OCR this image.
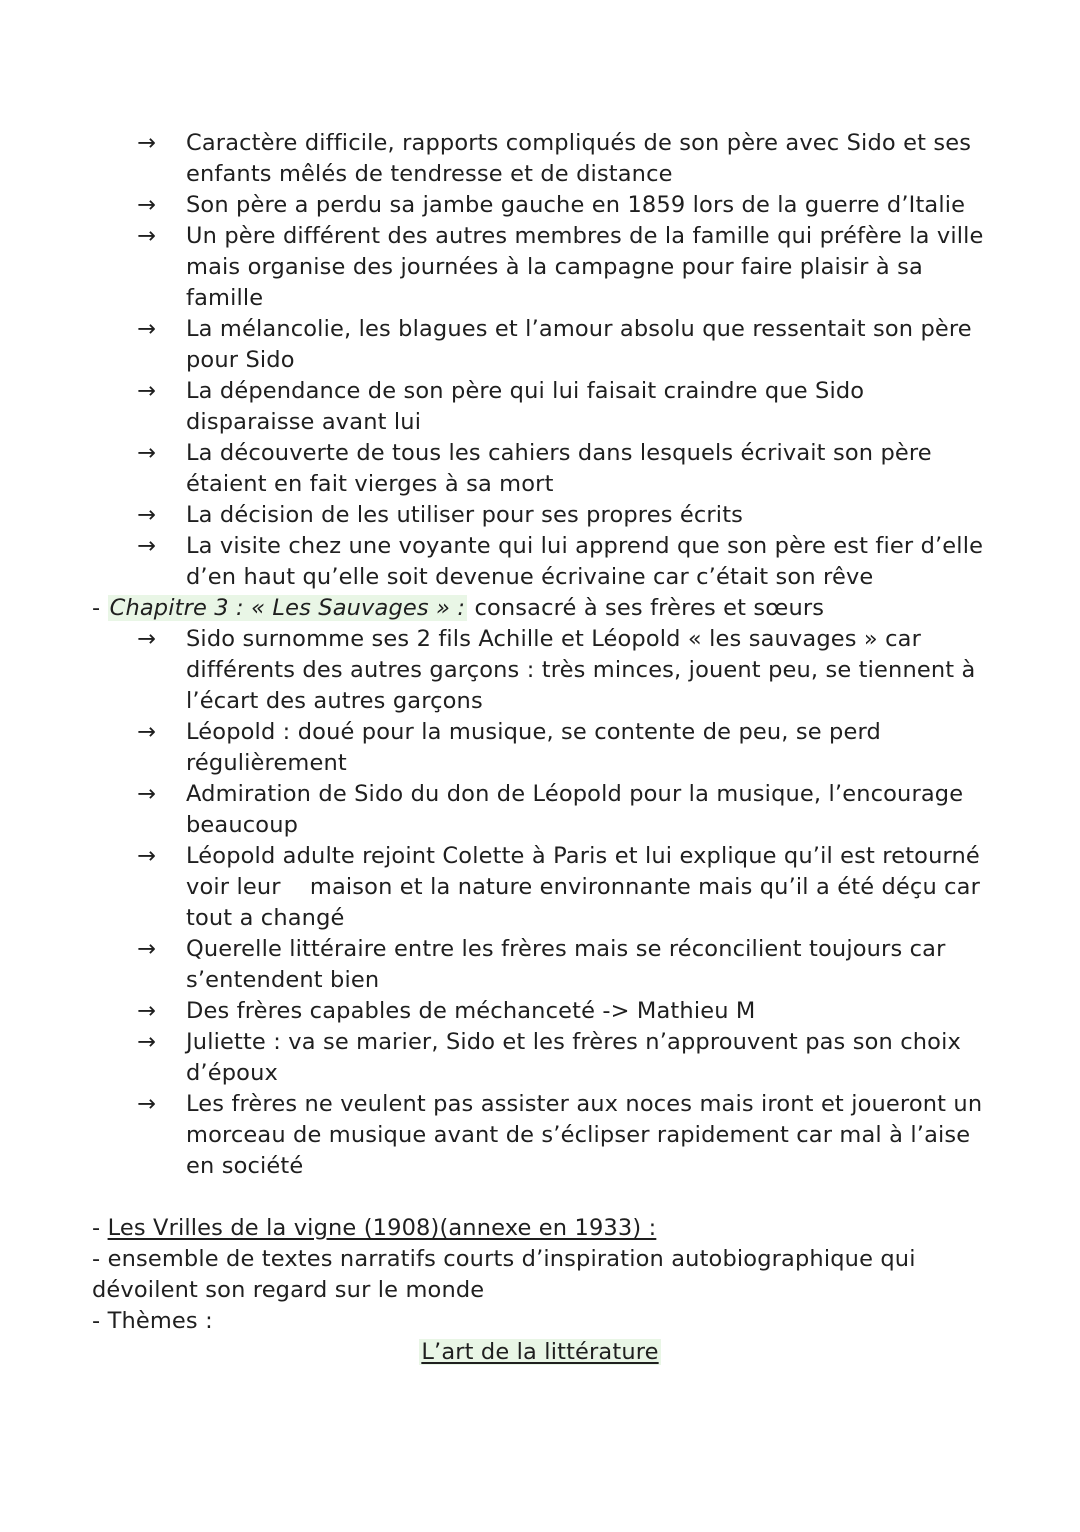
→	Caractère difficile, rapports compliqués de son père avec Sido et ses enfants mêlés de tendresse et de distance
→	Son père a perdu sa jambe gauche en 1859 lors de la guerre d’Italie
→	Un père différent des autres membres de la famille qui préfère la ville mais organise des journées à la campagne pour faire plaisir à sa famille
→	La mélancolie, les blagues et l’amour absolu que ressentait son père pour Sido
→	La dépendance de son père qui lui faisait craindre que Sido disparaisse avant lui
→	La découverte de tous les cahiers dans lesquels écrivait son père étaient en fait vierges à sa mort
→	La décision de les utiliser pour ses propres écrits
→	La visite chez une voyante qui lui apprend que son père est fier d’elle d’en haut qu’elle soit devenue écrivaine car c’était son rêve
- Chapitre 3 : « Les Sauvages » : consacré à ses frères et sœurs
→	Sido surnomme ses 2 fils Achille et Léopold « les sauvages » car différents des autres garçons : très minces, jouent peu, se tiennent à l’écart des autres garçons
→	Léopold : doué pour la musique, se contente de peu, se perd régulièrement
→	Admiration de Sido du don de Léopold pour la musique, l’encourage beaucoup
→	Léopold adulte rejoint Colette à Paris et lui explique qu’il est retourné voir leur    maison et la nature environnante mais qu’il a été déçu car tout a changé
→	Querelle littéraire entre les frères mais se réconcilient toujours car s’entendent bien
→	Des frères capables de méchanceté -> Mathieu M
→	Juliette : va se marier, Sido et les frères n’approuvent pas son choix d’époux
→	Les frères ne veulent pas assister aux noces mais iront et joueront un morceau de musique avant de s’éclipser rapidement car mal à l’aise en société
- Les Vrilles de la vigne (1908)(annexe en 1933) :
- ensemble de textes narratifs courts d’inspiration autobiographique qui dévoilent son regard sur le monde
- Thèmes :
L’art de la littérature
